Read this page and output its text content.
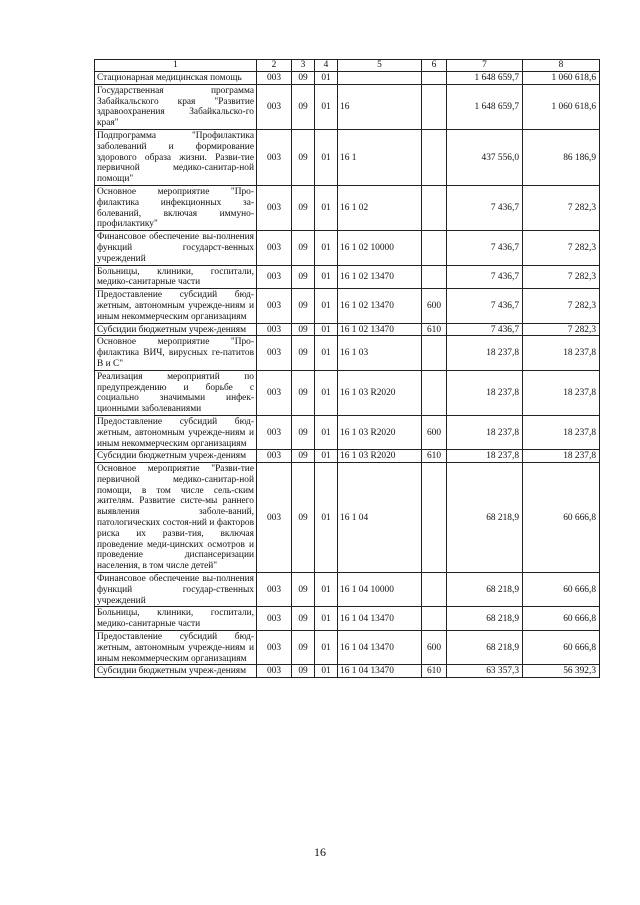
1	2	3	4	5	6	7	8
Стационарная медицинская помощь	003	09	01			1 648 659,7	1 060 618,6
Государственная программа Забайкальского края "Развитие здравоохранения Забайкальско-го края"	003	09	01	16		1 648 659,7	1 060 618,6
Подпрограмма "Профилактика заболеваний и формирование здорового образа жизни. Разви-тие первичной медико-санитар-ной помощи"	003	09	01	16 1		437 556,0	86 186,9
Основное мероприятие "Про-филактика инфекционных за-болеваний, включая иммуно-профилактику"	003	09	01	16 1 02		7 436,7	7 282,3
Финансовое обеспечение вы-полнения функций государст-венных учреждений	003	09	01	16 1 02 10000		7 436,7	7 282,3
Больницы, клиники, госпитали, медико-санитарные части	003	09	01	16 1 02 13470		7 436,7	7 282,3
Предоставление субсидий бюд-жетным, автономным учрежде-ниям и иным некоммерческим организациям	003	09	01	16 1 02 13470	600	7 436,7	7 282,3
Субсидии бюджетным учреж-дениям	003	09	01	16 1 02 13470	610	7 436,7	7 282,3
Основное мероприятие "Про-филактика ВИЧ, вирусных ге-патитов В и С"	003	09	01	16 1 03		18 237,8	18 237,8
Реализация мероприятий по предупреждению и борьбе с социально значимыми инфек-ционными заболеваниями	003	09	01	16 1 03 R2020		18 237,8	18 237,8
Предоставление субсидий бюд-жетным, автономным учрежде-ниям и иным некоммерческим организациям	003	09	01	16 1 03 R2020	600	18 237,8	18 237,8
Субсидии бюджетным учреж-дениям	003	09	01	16 1 03 R2020	610	18 237,8	18 237,8
Основное мероприятие "Разви-тие первичной медико-санитар-ной помощи, в том числе сель-ским жителям. Развитие систе-мы раннего выявления заболе-ваний, патологических состоя-ний и факторов риска их разви-тия, включая проведение меди-цинских осмотров и проведение диспансеризации населения, в том числе детей"	003	09	01	16 1 04		68 218,9	60 666,8
Финансовое обеспечение вы-полнения функций государ-ственных учреждений	003	09	01	16 1 04 10000		68 218,9	60 666,8
Больницы, клиники, госпитали, медико-санитарные части	003	09	01	16 1 04 13470		68 218,9	60 666,8
Предоставление субсидий бюд-жетным, автономным учрежде-ниям и иным некоммерческим организациям	003	09	01	16 1 04 13470	600	68 218,9	60 666,8
Субсидии бюджетным учреж-дениям	003	09	01	16 1 04 13470	610	63 357,3	56 392,3
16
